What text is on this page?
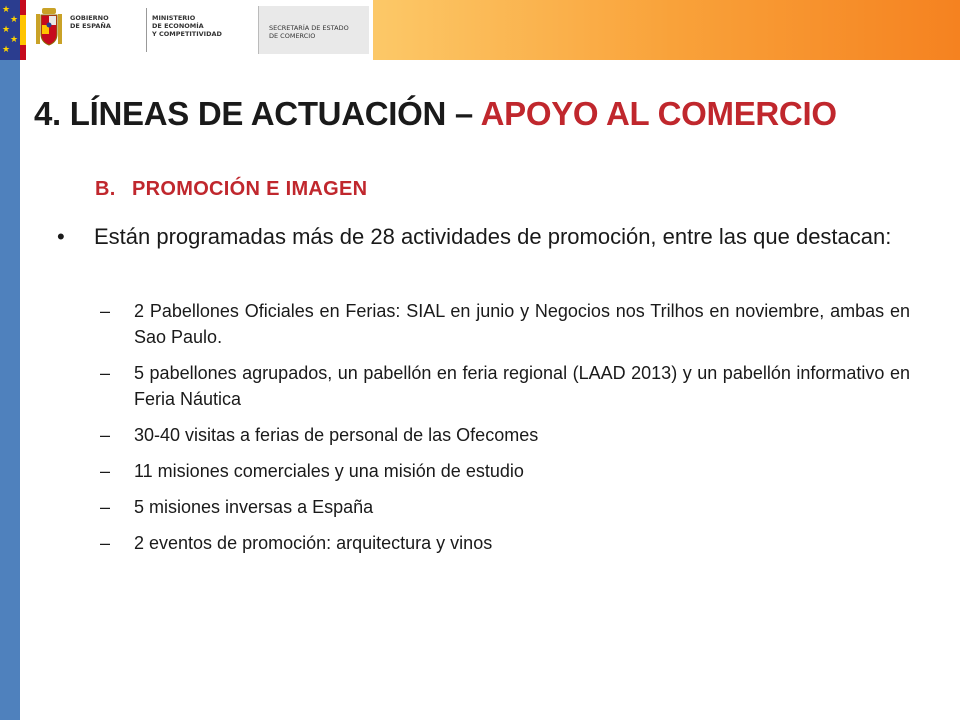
★
★
★
★
★
GOBIERNO
DE ESPAÑA
MINISTERIO
DE ECONOMÍA
Y COMPETITIVIDAD
SECRETARÍA DE ESTADO
DE COMERCIO
4. LÍNEAS DE ACTUACIÓN – APOYO AL COMERCIO
B. PROMOCIÓN E IMAGEN
• Están programadas más de 28 actividades de promoción, entre las que destacan:
– 2 Pabellones Oficiales en Ferias: SIAL en junio y Negocios nos Trilhos en noviembre, ambas en Sao Paulo.
– 5 pabellones agrupados, un pabellón en feria regional (LAAD 2013) y un pabellón informativo en Feria Náutica
– 30-40 visitas a ferias de personal de las Ofecomes
– 11 misiones comerciales y una misión de estudio
– 5 misiones inversas a España
– 2 eventos de promoción: arquitectura y vinos
